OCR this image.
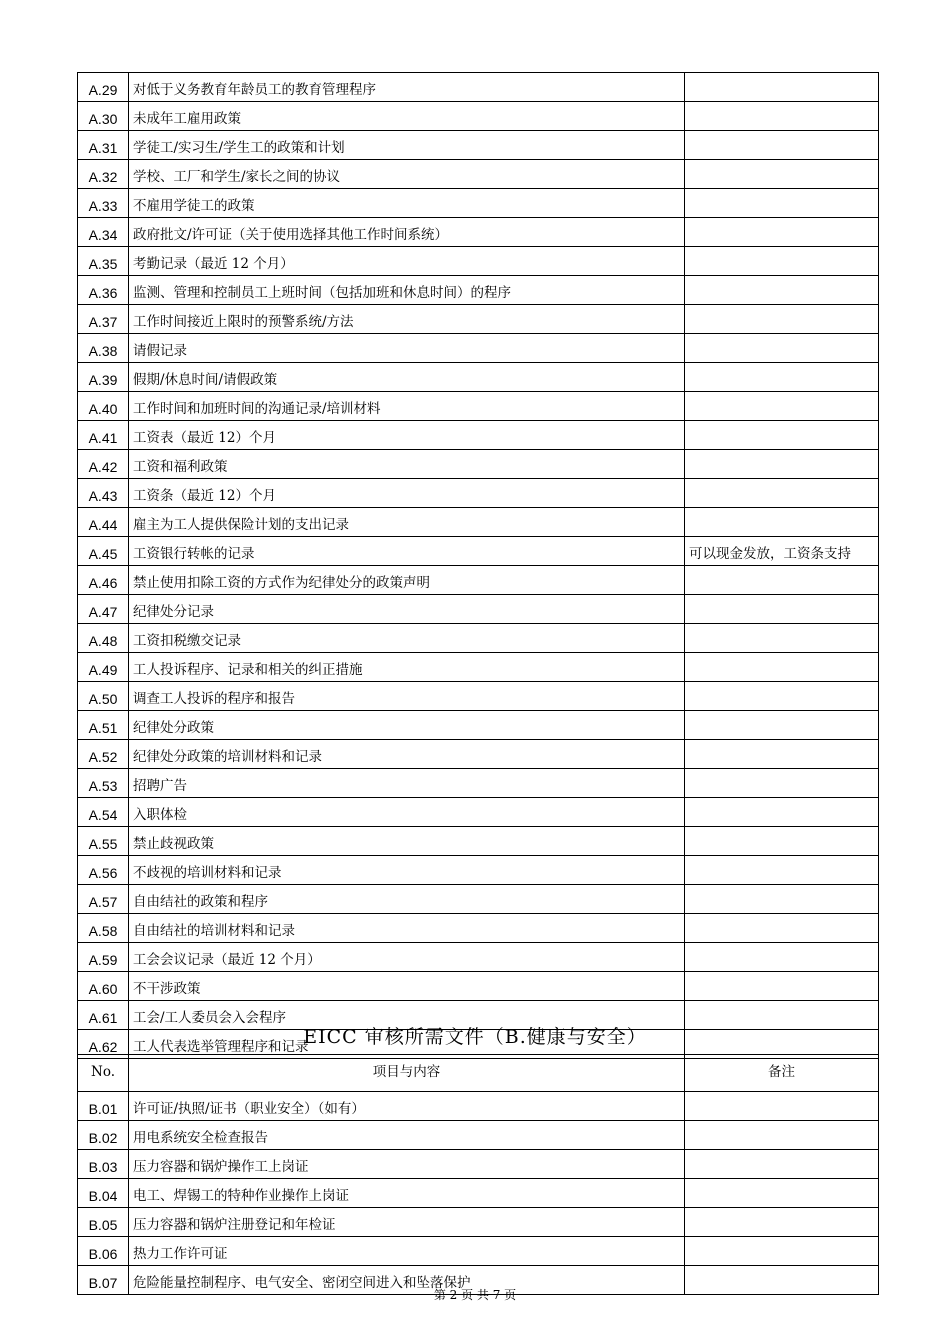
A.29	对低于义务教育年龄员工的教育管理程序	
A.30	未成年工雇用政策	
A.31	学徒工/实习生/学生工的政策和计划	
A.32	学校、工厂和学生/家长之间的协议	
A.33	不雇用学徒工的政策	
A.34	政府批文/许可证（关于使用选择其他工作时间系统）	
A.35	考勤记录（最近 12 个月）	
A.36	监测、管理和控制员工上班时间（包括加班和休息时间）的程序	
A.37	工作时间接近上限时的预警系统/方法	
A.38	请假记录	
A.39	假期/休息时间/请假政策	
A.40	工作时间和加班时间的沟通记录/培训材料	
A.41	工资表（最近 12）个月	
A.42	工资和福利政策	
A.43	工资条（最近 12）个月	
A.44	雇主为工人提供保险计划的支出记录	
A.45	工资银行转帐的记录	可以现金发放，工资条支持
A.46	禁止使用扣除工资的方式作为纪律处分的政策声明	
A.47	纪律处分记录	
A.48	工资扣税缴交记录	
A.49	工人投诉程序、记录和相关的纠正措施	
A.50	调查工人投诉的程序和报告	
A.51	纪律处分政策	
A.52	纪律处分政策的培训材料和记录	
A.53	招聘广告	
A.54	入职体检	
A.55	禁止歧视政策	
A.56	不歧视的培训材料和记录	
A.57	自由结社的政策和程序	
A.58	自由结社的培训材料和记录	
A.59	工会会议记录（最近 12 个月）	
A.60	不干涉政策	
A.61	工会/工人委员会入会程序	
A.62	工人代表选举管理程序和记录	
EICC 审核所需文件（B.健康与安全）
No.	项目与内容	备注
B.01	许可证/执照/证书（职业安全）（如有）	
B.02	用电系统安全检查报告	
B.03	压力容器和锅炉操作工上岗证	
B.04	电工、焊锡工的特种作业操作上岗证	
B.05	压力容器和锅炉注册登记和年检证	
B.06	热力工作许可证	
B.07	危险能量控制程序、电气安全、密闭空间进入和坠落保护	
第 2 页 共 7 页
